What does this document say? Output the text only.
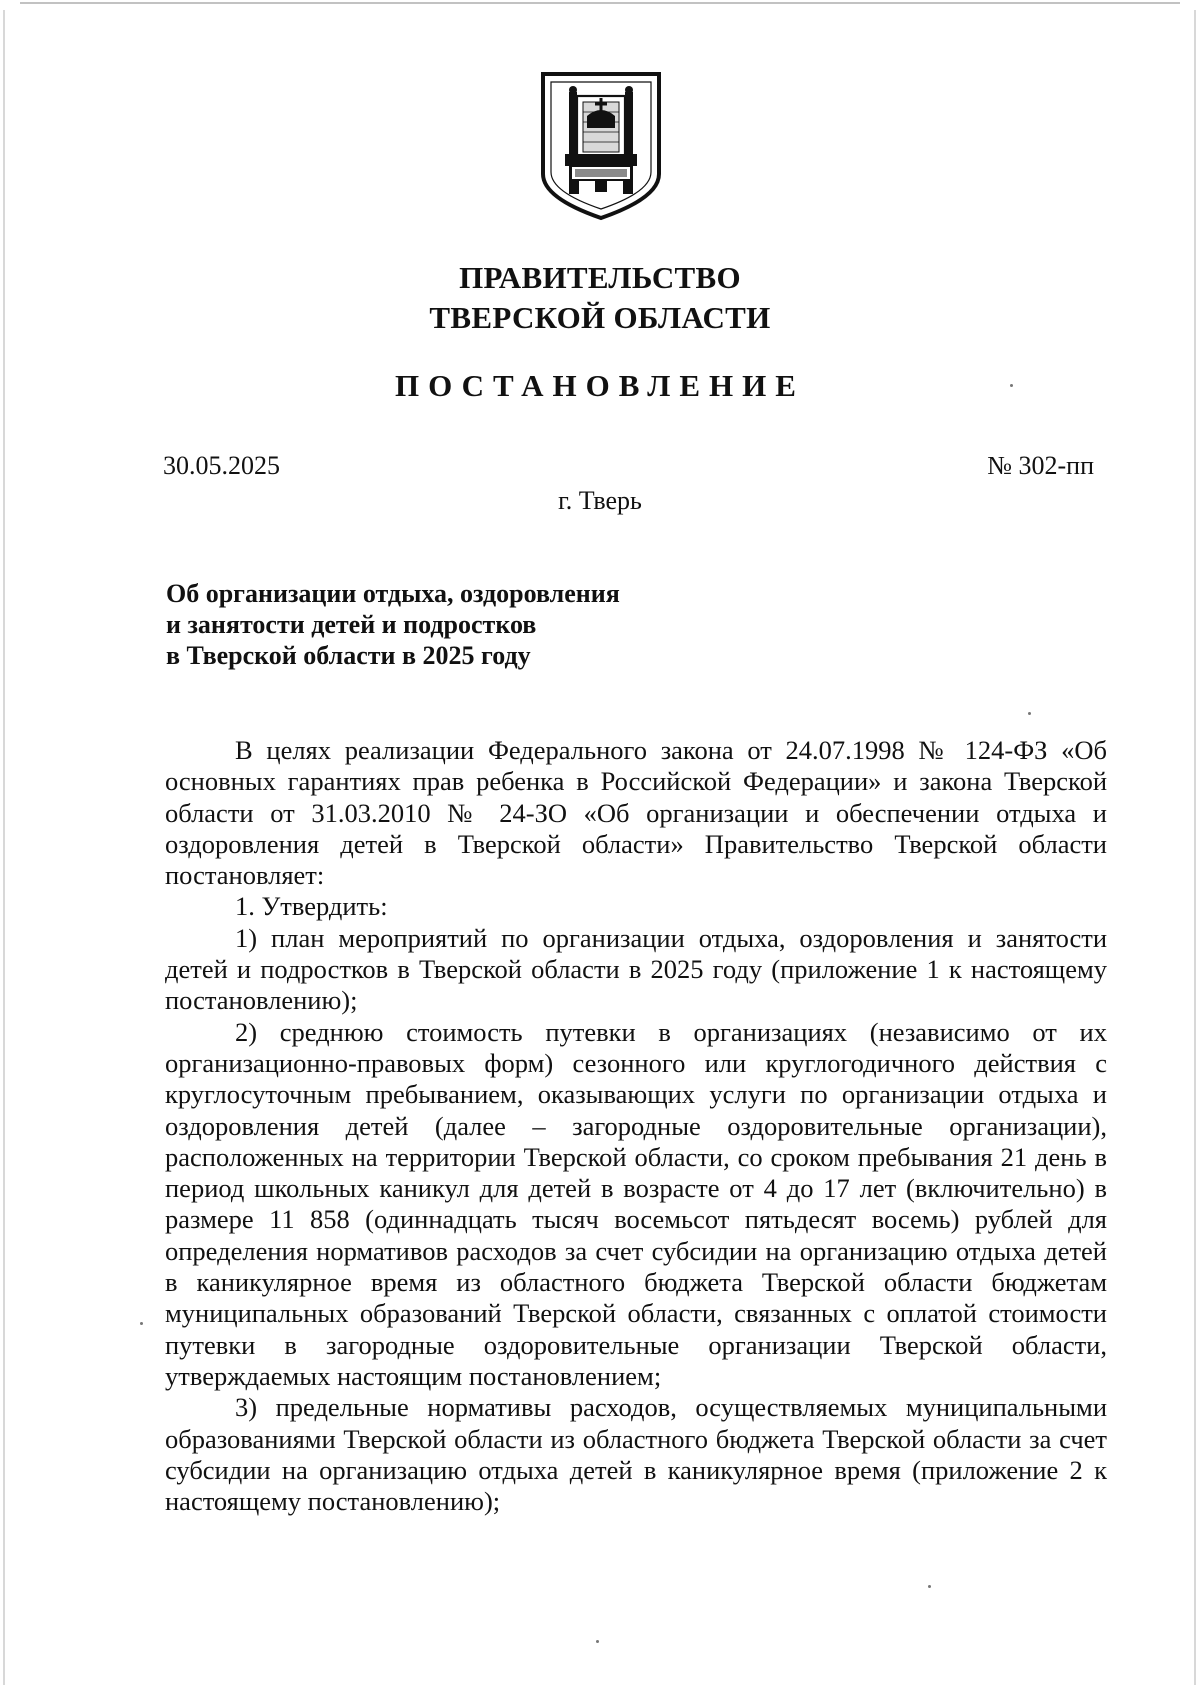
ПРАВИТЕЛЬСТВО
ТВЕРСКОЙ ОБЛАСТИ
ПОСТАНОВЛЕНИЕ
30.05.2025	№ 302-пп
г. Тверь
Об организации отдыха, оздоровления
и занятости детей и подростков
в Тверской области в 2025 году

В целях реализации Федерального закона от 24.07.1998 № 124-ФЗ «Об основных гарантиях прав ребенка в Российской Федерации» и закона Тверской области от 31.03.2010 № 24-ЗО «Об организации и обеспечении отдыха и оздоровления детей в Тверской области» Правительство Тверской области постановляет:

1. Утвердить:

1) план мероприятий по организации отдыха, оздоровления и занятости детей и подростков в Тверской области в 2025 году (приложение 1 к настоящему постановлению);

2) среднюю стоимость путевки в организациях (независимо от их организационно-правовых форм) сезонного или круглогодичного действия с круглосуточным пребыванием, оказывающих услуги по организации отдыха и оздоровления детей (далее – загородные оздоровительные организации), расположенных на территории Тверской области, со сроком пребывания 21 день в период школьных каникул для детей в возрасте от 4 до 17 лет (включительно) в размере 11 858 (одиннадцать тысяч восемьсот пятьдесят восемь) рублей для определения нормативов расходов за счет субсидии на организацию отдыха детей в каникулярное время из областного бюджета Тверской области бюджетам муниципальных образований Тверской области, связанных с оплатой стоимости путевки в загородные оздоровительные организации Тверской области, утверждаемых настоящим постановлением;

3) предельные нормативы расходов, осуществляемых муниципальными образованиями Тверской области из областного бюджета Тверской области за счет субсидии на организацию отдыха детей в каникулярное время (приложение 2 к настоящему постановлению);
